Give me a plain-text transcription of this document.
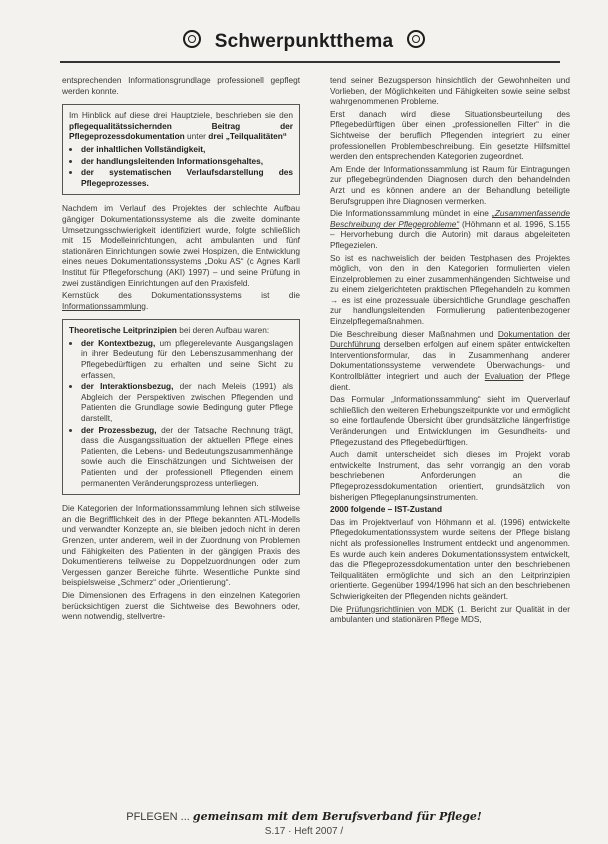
Schwerpunktthema

entsprechenden Informationsgrundlage professionell gepflegt werden konnte.

Im Hinblick auf diese drei Hauptziele, beschrieben sie den pflegequalitätssichernden Beitrag der Pflegeprozessdokumentation unter drei „Teilqualitäten“

• der inhaltlichen Vollständigkeit,
• der handlungsleitenden Informationsgehaltes,
• der systematischen Verlaufsdarstellung des Pflegeprozesses.

Nachdem im Verlauf des Projektes der schlechte Aufbau gängiger Dokumentationssysteme als die zweite dominante Umsetzungsschwierigkeit identifiziert wurde, folgte schließlich mit 15 Modelleinrichtungen, acht ambulanten und fünf stationären Einrichtungen sowie zwei Hospizen, die Entwicklung eines neues Dokumentationssystems „Doku AS“ (c Agnes Karll Institut für Pflegeforschung (AKI) 1997) – und seine Prüfung in zwei zuständigen Einrichtungen auf den Praxisfeld.

Kernstück des Dokumentationssystems ist die Informationssammlung.

Theoretische Leitprinzipien bei deren Aufbau waren:

• der Kontextbezug, um pflegerelevante Ausgangslagen in ihrer Bedeutung für den Lebenszusammenhang der Pflegebedürftigen zu erhalten und seine Sicht zu erfassen,
• der Interaktionsbezug, der nach Meleis (1991) als Abgleich der Perspektiven zwischen Pflegenden und Patienten die Grundlage sowie Bedingung guter Pflege darstellt,
• der Prozessbezug, der der Tatsache Rechnung trägt, dass die Ausgangssituation der aktuellen Pflege eines Patienten, die Lebens- und Bedeutungszusammenhänge sowie auch die Einschätzungen und Sichtweisen der Patienten und der professionell Pflegenden einem permanenten Veränderungsprozess unterliegen.

Die Kategorien der Informationssammlung lehnen sich stilweise an die Begrifflichkeit des in der Pflege bekannten ATL-Modells und verwandter Konzepte an, sie bleiben jedoch nicht in deren Grenzen, unter anderem, weil in der Zuordnung von Problemen und Fähigkeiten des Patienten in der gängigen Praxis des Dokumentierens teilweise zu Doppelzuordnungen oder zum Vergessen ganzer Bereiche führte. Wesentliche Punkte sind beispielsweise „Schmerz“ oder „Orientierung“.

Die Dimensionen des Erfragens in den einzelnen Kategorien berücksichtigen zuerst die Sichtweise des Bewohners oder, wenn notwendig, stellvertre-

tend seiner Bezugsperson hinsichtlich der Gewohnheiten und Vorlieben, der Möglichkeiten und Fähigkeiten sowie seine selbst wahrgenommenen Probleme.

Erst danach wird diese Situationsbeurteilung des Pflegebedürftigen über einen „professionellen Filter“ in die Sichtweise der beruflich Pflegenden integriert zu einer professionellen Problembeschreibung. Ein gesetzte Hilfsmittel werden den entsprechenden Kategorien zugeordnet.

Am Ende der Informationssammlung ist Raum für Eintragungen zur pflegebegründenden Diagnosen durch den behandelnden Arzt und es können andere an der Behandlung beteiligte Berufsgruppen ihre Diagnosen vermerken.

Die Informationssammlung mündet in eine „Zusammenfassende Beschreibung der Pflegeprobleme“ (Höhmann et al. 1996, S.155 – Hervorhebung durch die Autorin) mit daraus abgeleiteten Pflegezielen.

So ist es nachweislich der beiden Testphasen des Projektes möglich, von den in den Kategorien formulierten vielen Einzelproblemen zu einer zusammenhängenden Sichtweise und zu einem zielgerichteten praktischen Pflegehandeln zu kommen → es ist eine prozessuale übersichtliche Grundlage geschaffen zur handlungsleitenden Formulierung patientenbezogener Einzelpflegemaßnahmen.

Die Beschreibung dieser Maßnahmen und Dokumentation der Durchführung derselben erfolgen auf einem später entwickelten Interventionsformular, das in Zusammenhang anderer Dokumentationssysteme verwendete Überwachungs- und Kontrollblätter integriert und auch der Evaluation der Pflege dient.

Das Formular „Informationssammlung“ sieht im Querverlauf schließlich den weiteren Erhebungszeitpunkte vor und ermöglicht so eine fortlaufende Übersicht über grundsätzliche längerfristige Veränderungen und Entwicklungen im Gesundheits- und Pflegezustand des Pflegebedürftigen.

Auch damit unterscheidet sich dieses im Projekt vorab entwickelte Instrument, das sehr vorrangig an den vorab beschriebenen Anforderungen an die Pflegeprozessdokumentation orientiert, grundsätzlich von bisherigen Pflegeplanungsinstrumenten.

2000 folgende – IST-Zustand

Das im Projektverlauf von Höhmann et al. (1996) entwickelte Pflegedokumentationssystem wurde seitens der Pflege bislang nicht als professionelles Instrument entdeckt und angenommen. Es wurde auch kein anderes Dokumentationssystem entwickelt, das die Pflegeprozessdokumentation unter den beschriebenen Teilqualitäten ermöglichte und sich an den Leitprinzipien orientierte. Gegenüber 1994/1996 hat sich an den beschriebenen Schwierigkeiten der Pflegenden nichts geändert.

Die Prüfungsrichtlinien von MDK (1. Bericht zur Qualität in der ambulanten und stationären Pflege MDS,

PFLEGEN ... gemeinsam mit dem Berufsverband für Pflege!
S.17 · Heft 2007 /
